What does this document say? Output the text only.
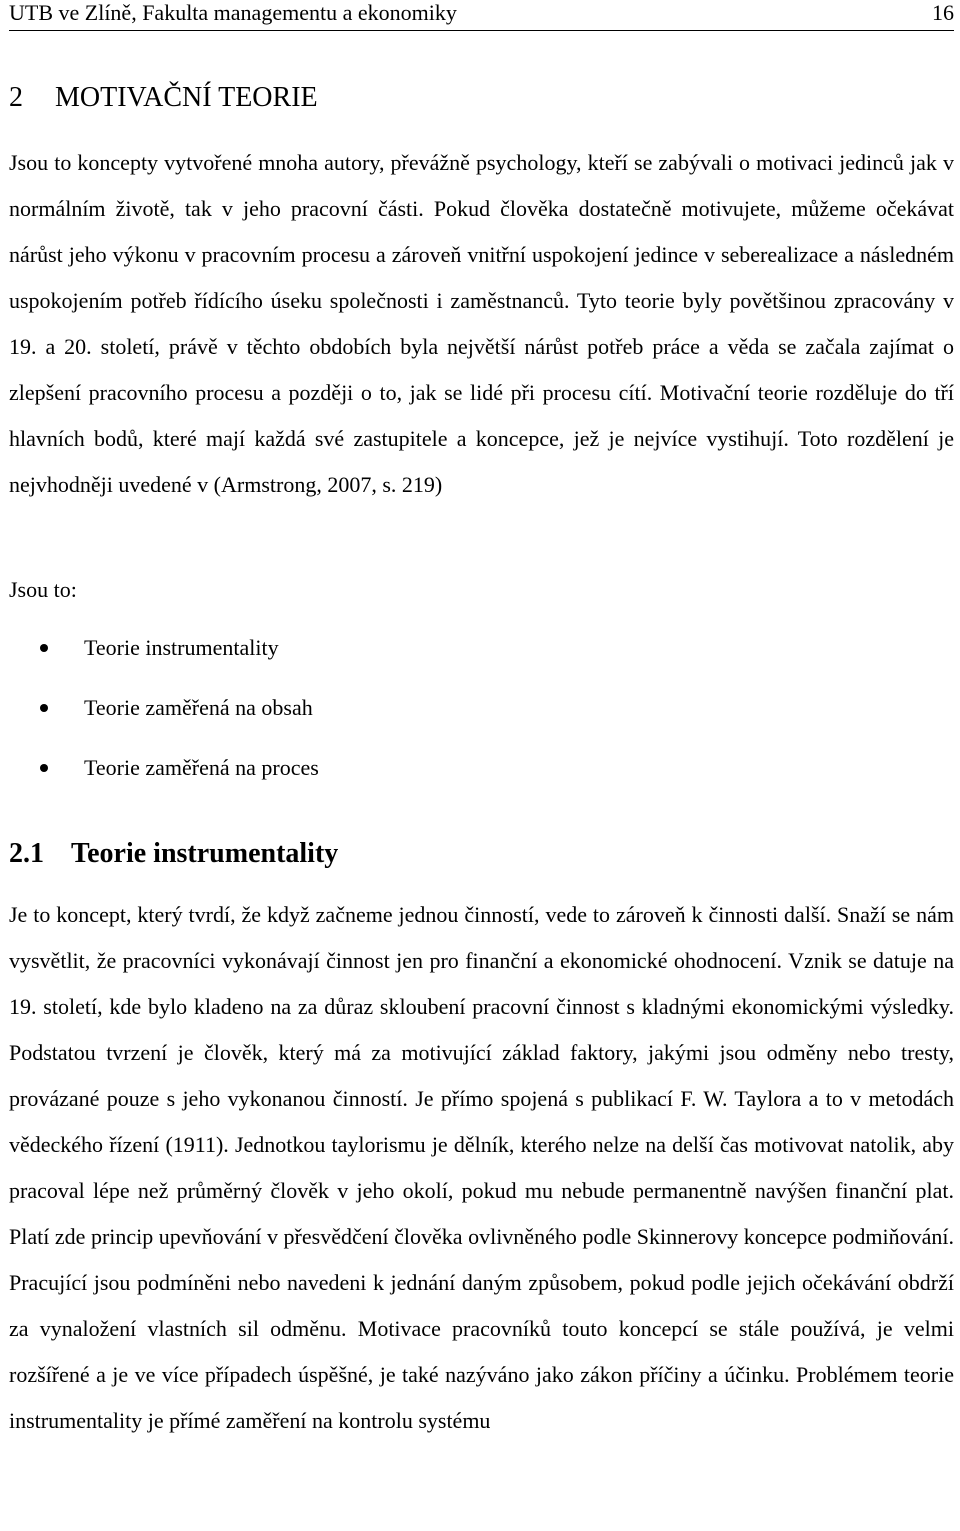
UTB ve Zlíně, Fakulta managementu a ekonomiky	16
2 MOTIVAČNÍ TEORIE

Jsou to koncepty vytvořené mnoha autory, převážně psychology, kteří se zabývali o motivaci jedinců jak v normálním životě, tak v jeho pracovní části. Pokud člověka dostatečně motivujete, můžeme očekávat nárůst jeho výkonu v pracovním procesu a zároveň vnitřní uspokojení jedince v seberealizace a následném uspokojením potřeb řídícího úseku společnosti i zaměstnanců. Tyto teorie byly povětšinou zpracovány v 19. a 20. století, právě v těchto obdobích byla největší nárůst potřeb práce a věda se začala zajímat o zlepšení pracovního procesu a později o to, jak se lidé při procesu cítí. Motivační teorie rozděluje do tří hlavních bodů, které mají každá své zastupitele a koncepce, jež je nejvíce vystihují. Toto rozdělení je nejvhodněji uvedené v (Armstrong, 2007, s. 219)

Jsou to:

Teorie instrumentality
Teorie zaměřená na obsah
Teorie zaměřená na proces
2.1 Teorie instrumentality

Je to koncept, který tvrdí, že když začneme jednou činností, vede to zároveň k činnosti další. Snaží se nám vysvětlit, že pracovníci vykonávají činnost jen pro finanční a ekonomické ohodnocení. Vznik se datuje na 19. století, kde bylo kladeno na za důraz skloubení pracovní činnost s kladnými ekonomickými výsledky. Podstatou tvrzení je člověk, který má za motivující základ faktory, jakými jsou odměny nebo tresty, provázané pouze s jeho vykonanou činností. Je přímo spojená s publikací F. W. Taylora a to v metodách vědeckého řízení (1911). Jednotkou taylorismu je dělník, kterého nelze na delší čas motivovat natolik, aby pracoval lépe než průměrný člověk v jeho okolí, pokud mu nebude permanentně navýšen finanční plat. Platí zde princip upevňování v přesvědčení člověka ovlivněného podle Skinnerovy koncepce podmiňování. Pracující jsou podmíněni nebo navedeni k jednání daným způsobem, pokud podle jejich očekávání obdrží za vynaložení vlastních sil odměnu. Motivace pracovníků touto koncepcí se stále používá, je velmi rozšířené a je ve více případech úspěšné, je také nazýváno jako zákon příčiny a účinku. Problémem teorie instrumentality je přímé zaměření na kontrolu systému
